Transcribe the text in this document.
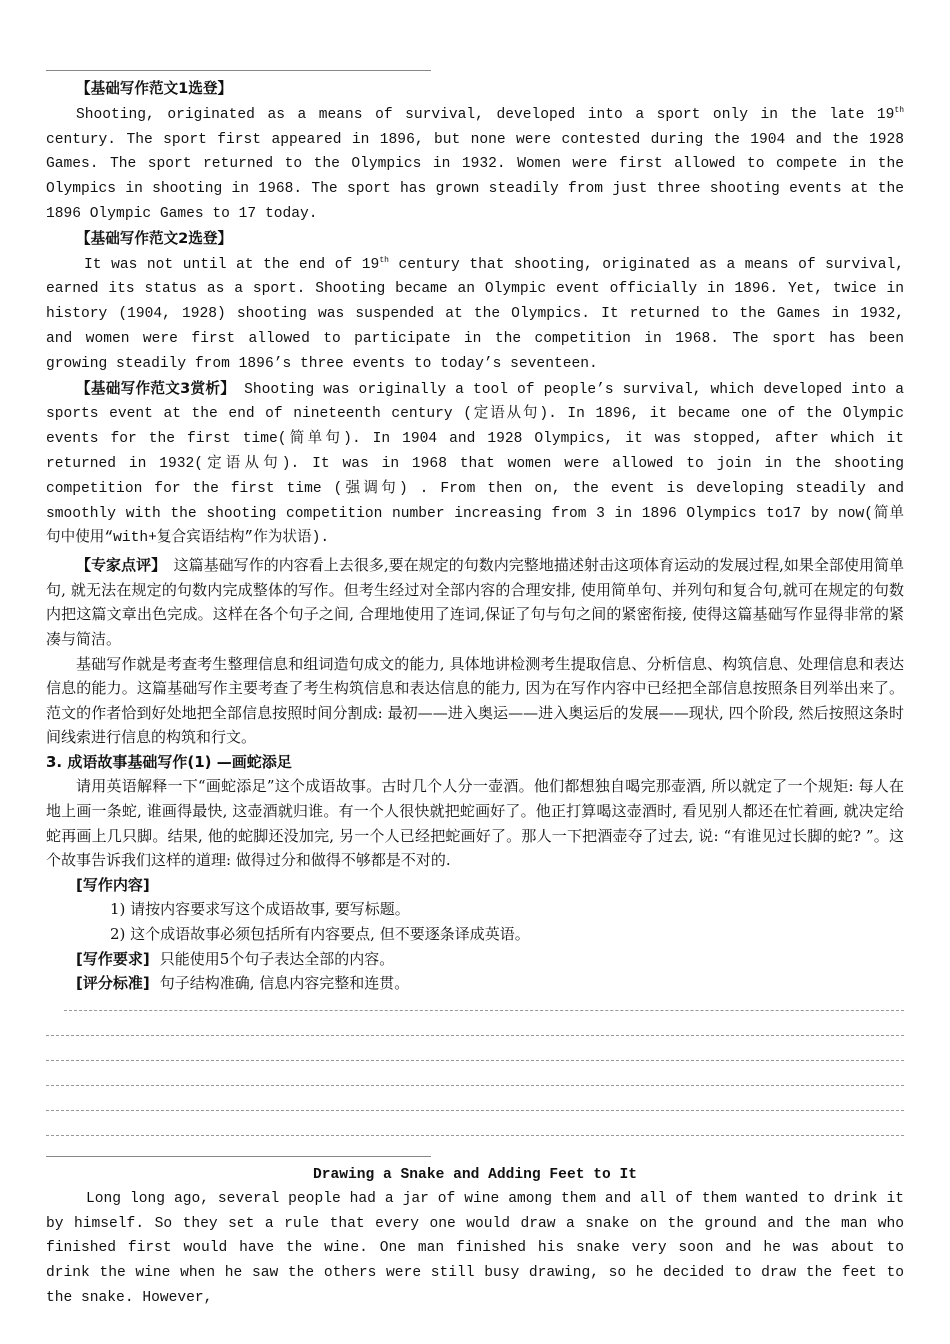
【基础写作范文1选登】

Shooting, originated as a means of survival, developed into a sport only in the late 19th century. The sport first appeared in 1896, but none were contested during the 1904 and the 1928 Games. The sport returned to the Olympics in 1932. Women were first allowed to compete in the Olympics in shooting in 1968. The sport has grown steadily from just three shooting events at the 1896 Olympic Games to 17 today.

【基础写作范文2选登】

It was not until at the end of 19th century that shooting, originated as a means of survival, earned its status as a sport. Shooting became an Olympic event officially in 1896. Yet, twice in history (1904, 1928) shooting was suspended at the Olympics. It returned to the Games in 1932, and women were first allowed to participate in the competition in 1968. The sport has been growing steadily from 1896’s three events to today’s seventeen.

【基础写作范文3赏析】 Shooting was originally a tool of people’s survival, which developed into a sports event at the end of nineteenth century (定语从句). In 1896, it became one of the Olympic events for the first time(简单句). In 1904 and 1928 Olympics, it was stopped, after which it returned in 1932(定语从句). It was in 1968 that women were allowed to join in the shooting competition for the first time (强调句) . From then on, the event is developing steadily and smoothly with the shooting competition number increasing from 3 in 1896 Olympics to17 by now(简单句中使用“with+复合宾语结构”作为状语).

【专家点评】　这篇基础写作的内容看上去很多,要在规定的句数内完整地描述射击这项体育运动的发展过程,如果全部使用简单句, 就无法在规定的句数内完成整体的写作。但考生经过对全部内容的合理安排, 使用简单句、并列句和复合句,就可在规定的句数内把这篇文章出色完成。这样在各个句子之间, 合理地使用了连词,保证了句与句之间的紧密衔接, 使得这篇基础写作显得非常的紧凑与简洁。

基础写作就是考查考生整理信息和组词造句成文的能力, 具体地讲检测考生提取信息、分析信息、构筑信息、处理信息和表达信息的能力。这篇基础写作主要考查了考生构筑信息和表达信息的能力, 因为在写作内容中已经把全部信息按照条目列举出来了。范文的作者恰到好处地把全部信息按照时间分割成: 最初——进入奥运——进入奥运后的发展——现状, 四个阶段, 然后按照这条时间线索进行信息的构筑和行文。

3. 成语故事基础写作(1) —画蛇添足

请用英语解释一下“画蛇添足”这个成语故事。古时几个人分一壶酒。他们都想独自喝完那壶酒, 所以就定了一个规矩: 每人在地上画一条蛇, 谁画得最快, 这壶酒就归谁。有一个人很快就把蛇画好了。他正打算喝这壶酒时, 看见别人都还在忙着画, 就决定给蛇再画上几只脚。结果, 他的蛇脚还没加完, 另一个人已经把蛇画好了。那人一下把酒壶夺了过去, 说: “有谁见过长脚的蛇? ”。这个故事告诉我们这样的道理: 做得过分和做得不够都是不对的.

[写作内容]

1) 请按内容要求写这个成语故事, 要写标题。

2) 这个成语故事必须包括所有内容要点, 但不要逐条译成英语。

[写作要求] 只能使用5个句子表达全部的内容。

[评分标准] 句子结构准确, 信息内容完整和连贯。

Drawing a Snake and Adding Feet to It

Long long ago, several people had a jar of wine among them and all of them wanted to drink it by himself. So they set a rule that every one would draw a snake on the ground and the man who finished first would have the wine. One man finished his snake very soon and he was about to drink the wine when he saw the others were still busy drawing, so he decided to draw the feet to the snake. However,
